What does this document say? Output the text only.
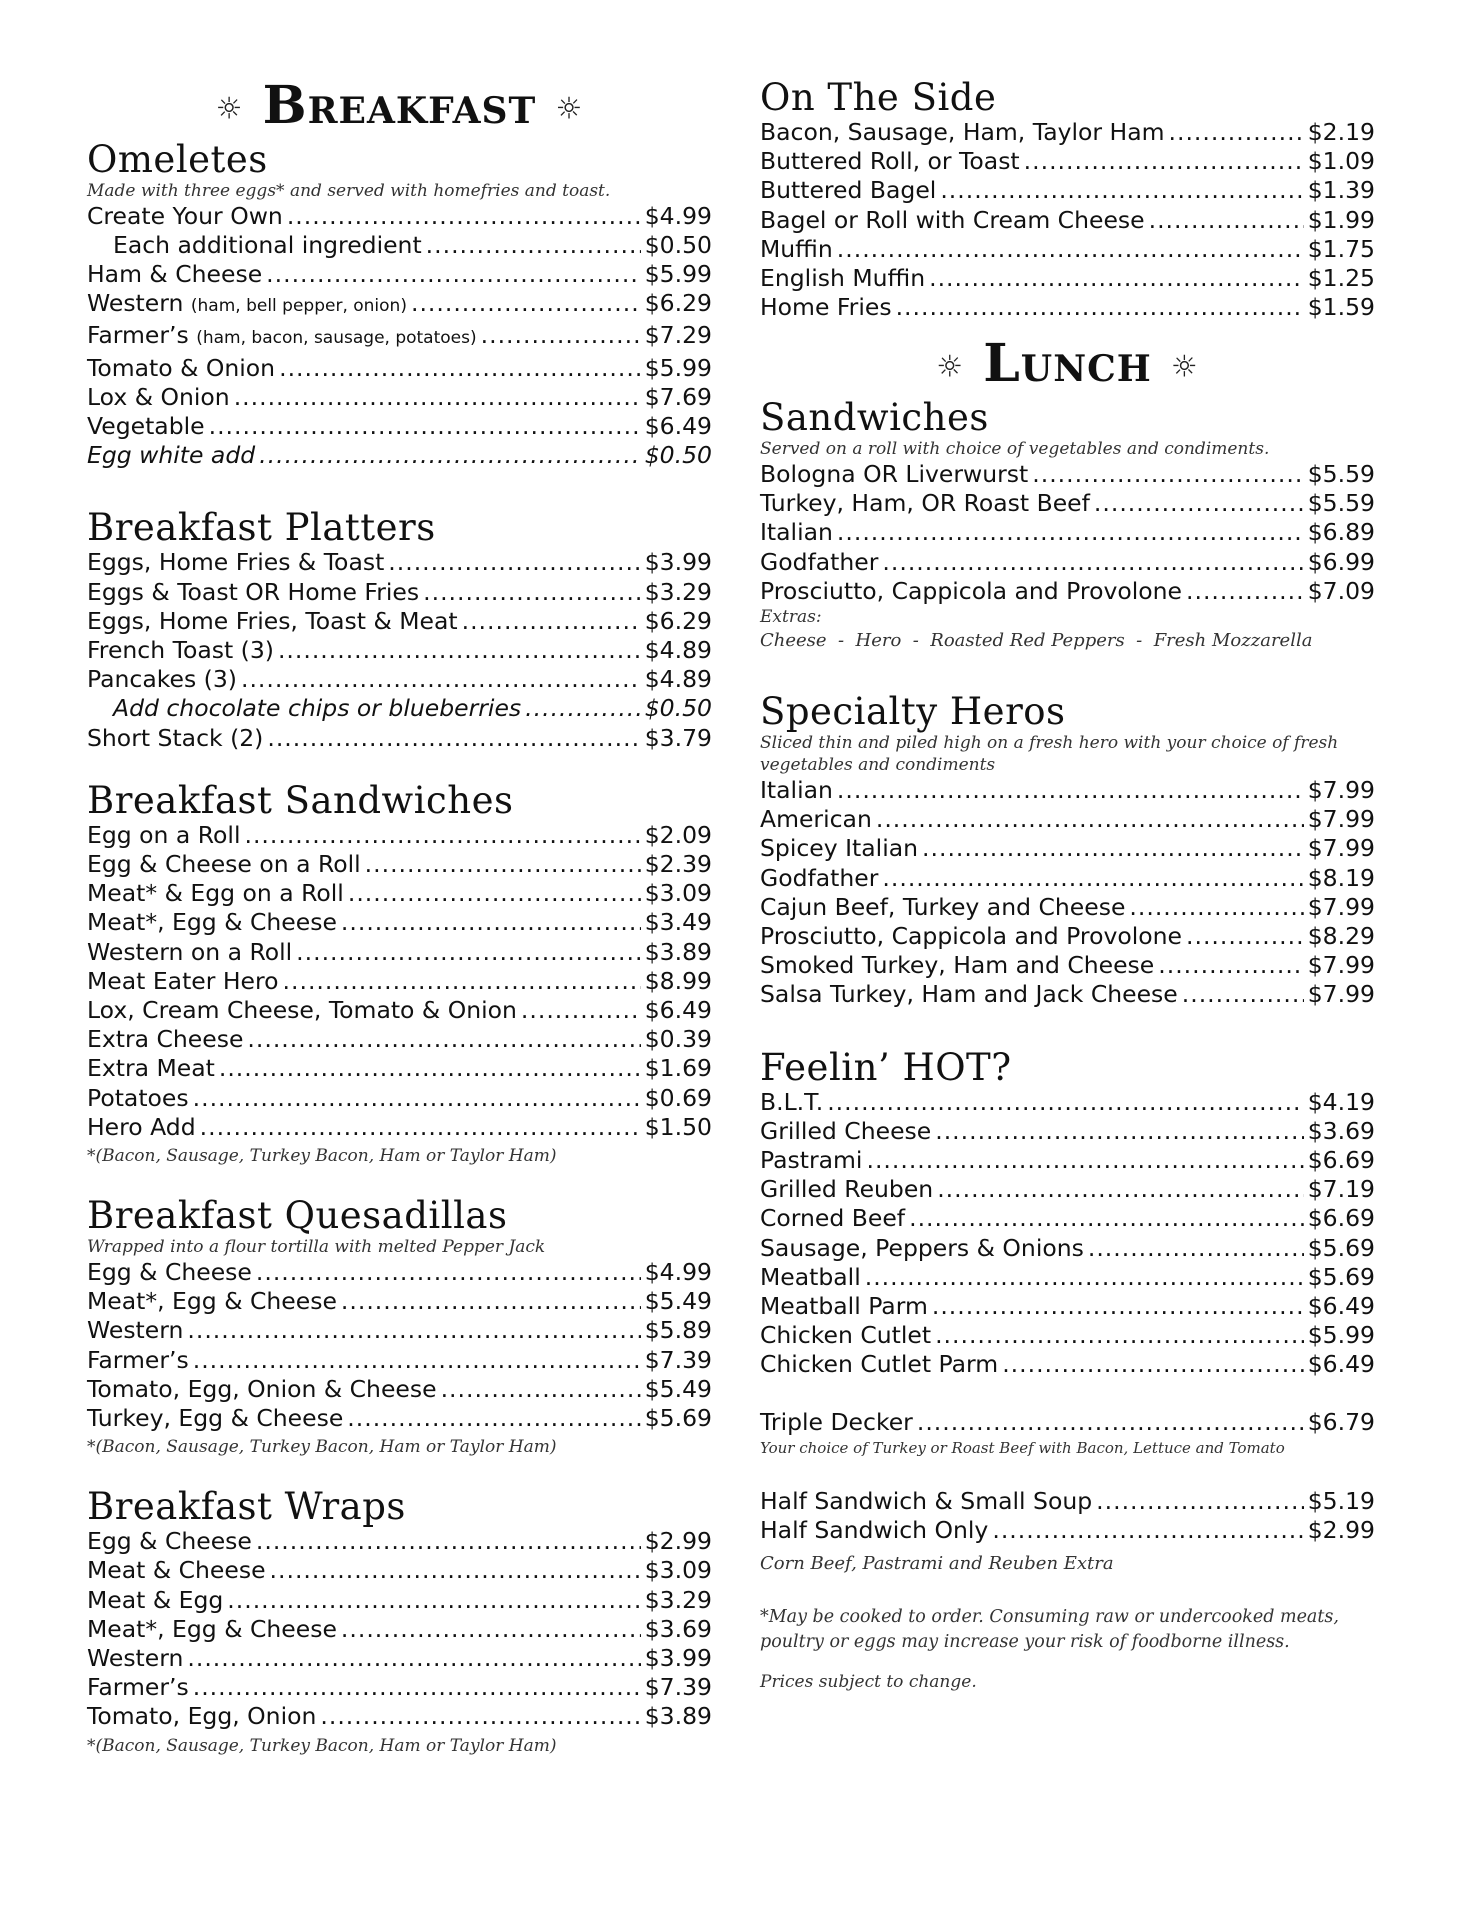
☼ Breakfast ☼
Omeletes

Made with three eggs* and served with homefries and toast.

Create Your Own .....	$4.99
Each additional ingredient .....	$0.50
Ham & Cheese .....	$5.99
Western (ham, bell pepper, onion) .....	$6.29
Farmer’s (ham, bacon, sausage, potatoes) .....	$7.29
Tomato & Onion .....	$5.99
Lox & Onion .....	$7.69
Vegetable .....	$6.49
Egg white add .....	$0.50
Breakfast Platters
Eggs, Home Fries & Toast .....	$3.99
Eggs & Toast OR Home Fries .....	$3.29
Eggs, Home Fries, Toast & Meat .....	$6.29
French Toast (3) .....	$4.89
Pancakes (3) .....	$4.89
Add chocolate chips or blueberries .....	$0.50
Short Stack (2) .....	$3.79
Breakfast Sandwiches
Egg on a Roll .....	$2.09
Egg & Cheese on a Roll .....	$2.39
Meat* & Egg on a Roll .....	$3.09
Meat*, Egg & Cheese .....	$3.49
Western on a Roll .....	$3.89
Meat Eater Hero .....	$8.99
Lox, Cream Cheese, Tomato & Onion .....	$6.49
Extra Cheese .....	$0.39
Extra Meat .....	$1.69
Potatoes .....	$0.69
Hero Add .....	$1.50

*(Bacon, Sausage, Turkey Bacon, Ham or Taylor Ham)

Breakfast Quesadillas

Wrapped into a flour tortilla with melted Pepper Jack

Egg & Cheese .....	$4.99
Meat*, Egg & Cheese .....	$5.49
Western .....	$5.89
Farmer’s .....	$7.39
Tomato, Egg, Onion & Cheese .....	$5.49
Turkey, Egg & Cheese .....	$5.69

*(Bacon, Sausage, Turkey Bacon, Ham or Taylor Ham)

Breakfast Wraps
Egg & Cheese .....	$2.99
Meat & Cheese .....	$3.09
Meat & Egg .....	$3.29
Meat*, Egg & Cheese .....	$3.69
Western .....	$3.99
Farmer’s .....	$7.39
Tomato, Egg, Onion .....	$3.89

*(Bacon, Sausage, Turkey Bacon, Ham or Taylor Ham)

On The Side
Bacon, Sausage, Ham, Taylor Ham .....	$2.19
Buttered Roll, or Toast .....	$1.09
Buttered Bagel .....	$1.39
Bagel or Roll with Cream Cheese .....	$1.99
Muffin .....	$1.75
English Muffin .....	$1.25
Home Fries .....	$1.59
☼ Lunch ☼
Sandwiches

Served on a roll with choice of vegetables and condiments.

Bologna OR Liverwurst .....	$5.59
Turkey, Ham, OR Roast Beef .....	$5.59
Italian .....	$6.89
Godfather .....	$6.99
Prosciutto, Cappicola and Provolone .....	$7.09

Extras:

Cheese  -  Hero  -  Roasted Red Peppers  -  Fresh Mozzarella

Specialty Heros

Sliced thin and piled high on a fresh hero with your choice of fresh vegetables and condiments

Italian .....	$7.99
American .....	$7.99
Spicey Italian .....	$7.99
Godfather .....	$8.19
Cajun Beef, Turkey and Cheese .....	$7.99
Prosciutto, Cappicola and Provolone .....	$8.29
Smoked Turkey, Ham and Cheese .....	$7.99
Salsa Turkey, Ham and Jack Cheese .....	$7.99
Feelin’ HOT?
B.L.T. .....	$4.19
Grilled Cheese .....	$3.69
Pastrami .....	$6.69
Grilled Reuben .....	$7.19
Corned Beef .....	$6.69
Sausage, Peppers & Onions .....	$5.69
Meatball .....	$5.69
Meatball Parm .....	$6.49
Chicken Cutlet .....	$5.99
Chicken Cutlet Parm .....	$6.49
Triple Decker .....	$6.79

Your choice of Turkey or Roast Beef with Bacon, Lettuce and Tomato

Half Sandwich & Small Soup .....	$5.19
Half Sandwich Only .....	$2.99

Corn Beef, Pastrami and Reuben Extra

*May be cooked to order. Consuming raw or undercooked meats, poultry or eggs may increase your risk of foodborne illness.

Prices subject to change.
